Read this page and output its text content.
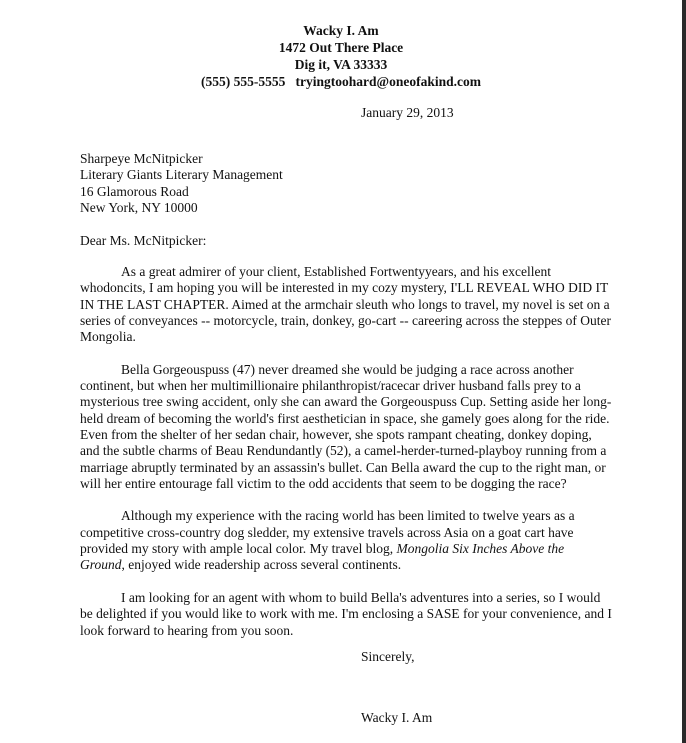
Wacky I. Am
1472 Out There Place
Dig it, VA 33333
(555) 555-5555 tryingtoohard@oneofakind.com
January 29, 2013
Sharpeye McNitpicker
Literary Giants Literary Management
16 Glamorous Road
New York, NY 10000
Dear Ms. McNitpicker:

As a great admirer of your client, Established Fortwentyyears, and his excellent whodoncits, I am hoping you will be interested in my cozy mystery, I'LL REVEAL WHO DID IT IN THE LAST CHAPTER. Aimed at the armchair sleuth who longs to travel, my novel is set on a series of conveyances -- motorcycle, train, donkey, go-cart -- careering across the steppes of Outer Mongolia.

Bella Gorgeouspuss (47) never dreamed she would be judging a race across another continent, but when her multimillionaire philanthropist/racecar driver husband falls prey to a mysterious tree swing accident, only she can award the Gorgeouspuss Cup. Setting aside her long-held dream of becoming the world's first aesthetician in space, she gamely goes along for the ride. Even from the shelter of her sedan chair, however, she spots rampant cheating, donkey doping, and the subtle charms of Beau Rendundantly (52), a camel-herder-turned-playboy running from a marriage abruptly terminated by an assassin's bullet. Can Bella award the cup to the right man, or will her entire entourage fall victim to the odd accidents that seem to be dogging the race?

Although my experience with the racing world has been limited to twelve years as a competitive cross-country dog sledder, my extensive travels across Asia on a goat cart have provided my story with ample local color. My travel blog, Mongolia Six Inches Above the Ground, enjoyed wide readership across several continents.

I am looking for an agent with whom to build Bella's adventures into a series, so I would be delighted if you would like to work with me. I'm enclosing a SASE for your convenience, and I look forward to hearing from you soon.

Sincerely,
Wacky I. Am
